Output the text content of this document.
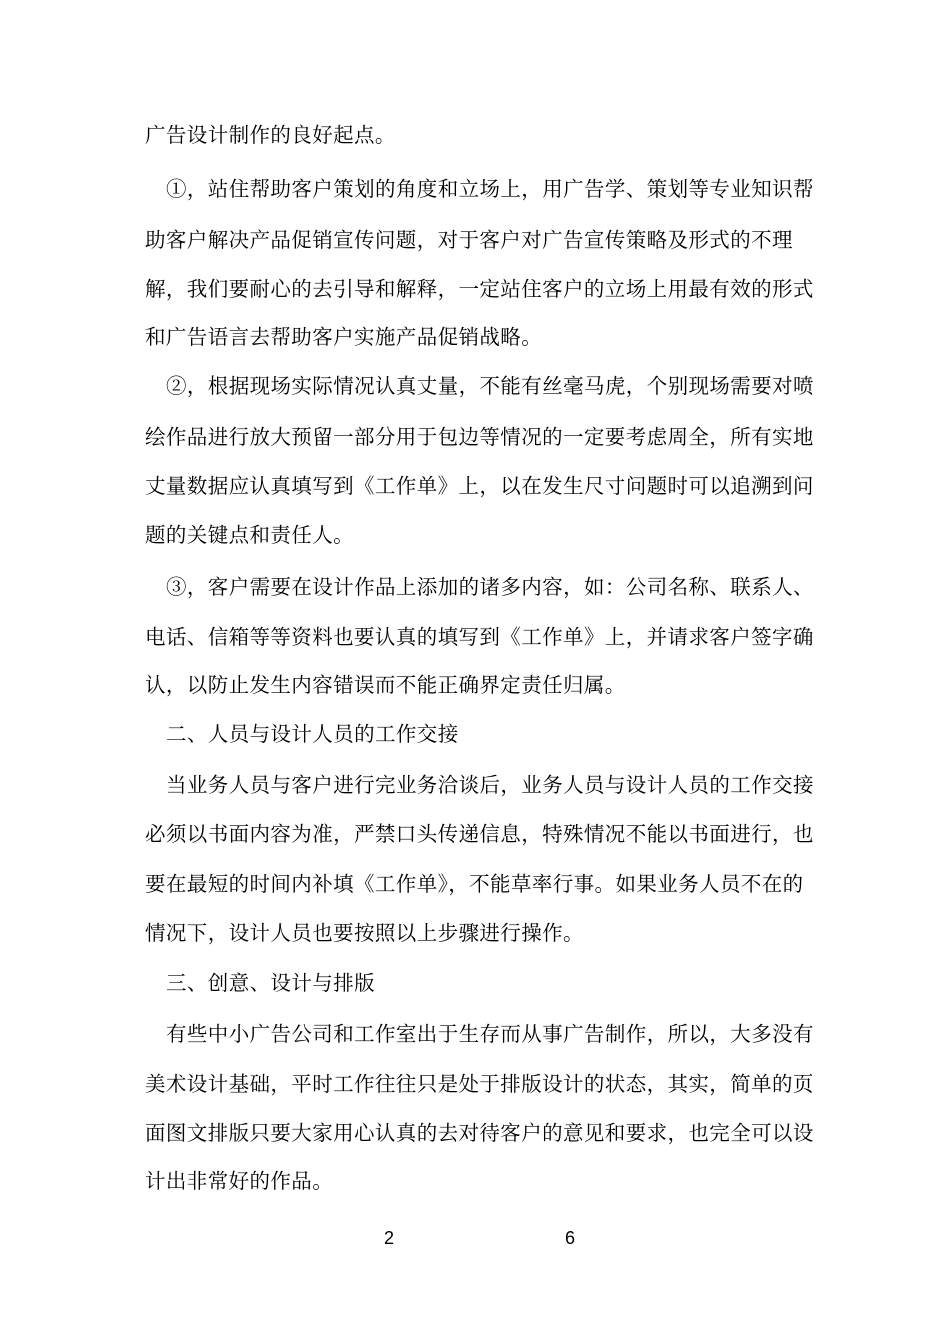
广告设计制作的良好起点。
①，站住帮助客户策划的角度和立场上，用广告学、策划等专业知识帮
助客户解决产品促销宣传问题，对于客户对广告宣传策略及形式的不理
解，我们要耐心的去引导和解释，一定站住客户的立场上用最有效的形式
和广告语言去帮助客户实施产品促销战略。
②，根据现场实际情况认真丈量，不能有丝毫马虎，个别现场需要对喷
绘作品进行放大预留一部分用于包边等情况的一定要考虑周全，所有实地
丈量数据应认真填写到《工作单》上，以在发生尺寸问题时可以追溯到问
题的关键点和责任人。
③，客户需要在设计作品上添加的诸多内容，如：公司名称、联系人、
电话、信箱等等资料也要认真的填写到《工作单》上，并请求客户签字确
认，以防止发生内容错误而不能正确界定责任归属。
二、人员与设计人员的工作交接
当业务人员与客户进行完业务洽谈后，业务人员与设计人员的工作交接
必须以书面内容为准，严禁口头传递信息，特殊情况不能以书面进行，也
要在最短的时间内补填《工作单》，不能草率行事。如果业务人员不在的
情况下，设计人员也要按照以上步骤进行操作。
三、创意、设计与排版
有些中小广告公司和工作室出于生存而从事广告制作，所以，大多没有
美术设计基础，平时工作往往只是处于排版设计的状态，其实，简单的页
面图文排版只要大家用心认真的去对待客户的意见和要求，也完全可以设
计出非常好的作品。
2	6
